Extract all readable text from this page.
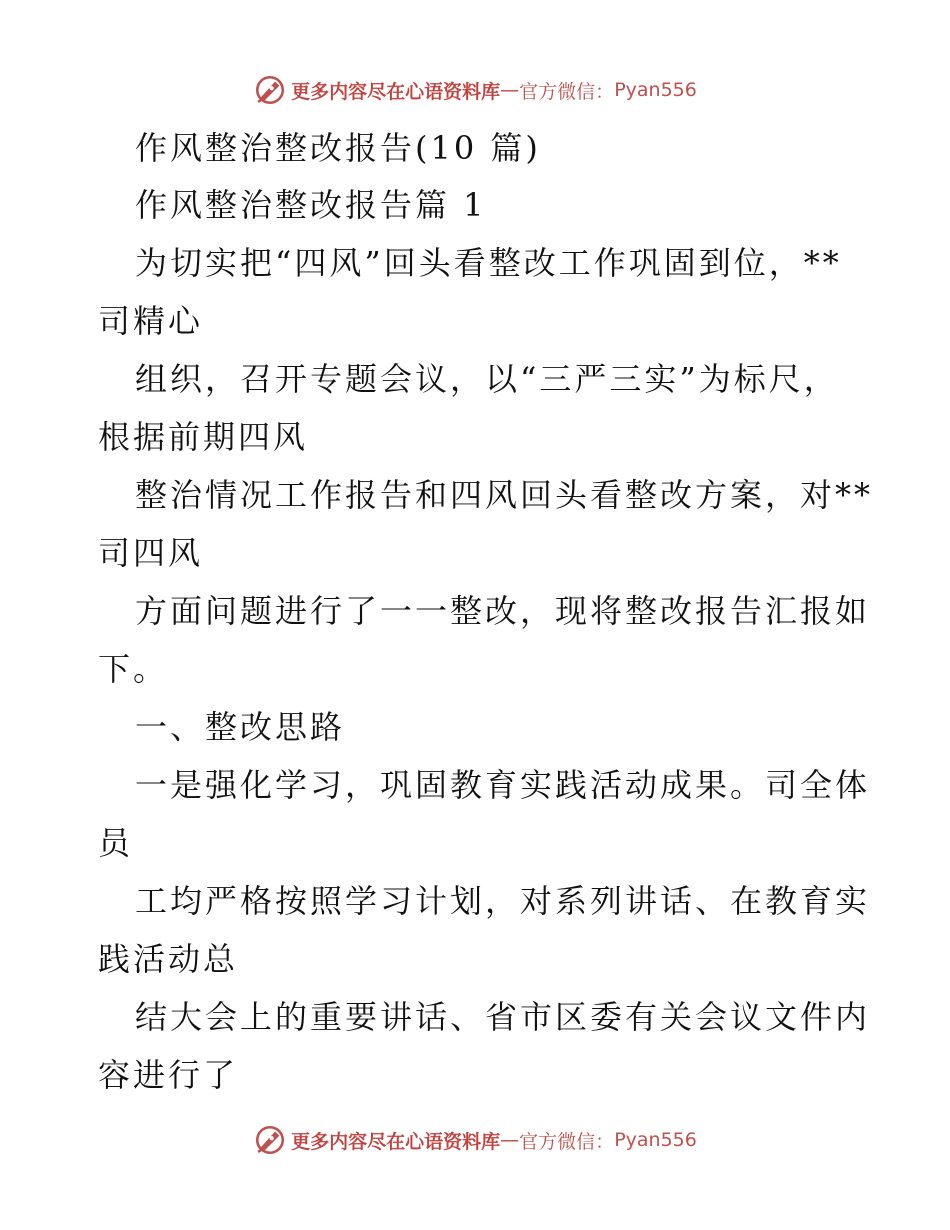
更多内容尽在心语资料库 — 官方微信： Pyan556
作风整治整改报告(10 篇)
作风整治整改报告篇 1
为切实把“四风”回头看整改工作巩固到位，**
司精心
组织，召开专题会议，以“三严三实”为标尺，
根据前期四风
整治情况工作报告和四风回头看整改方案，对**
司四风
方面问题进行了一一整改，现将整改报告汇报如
下。
一、整改思路
一是强化学习，巩固教育实践活动成果。司全体
员
工均严格按照学习计划，对系列讲话、在教育实
践活动总
结大会上的重要讲话、省市区委有关会议文件内
容进行了
更多内容尽在心语资料库 — 官方微信： Pyan556
